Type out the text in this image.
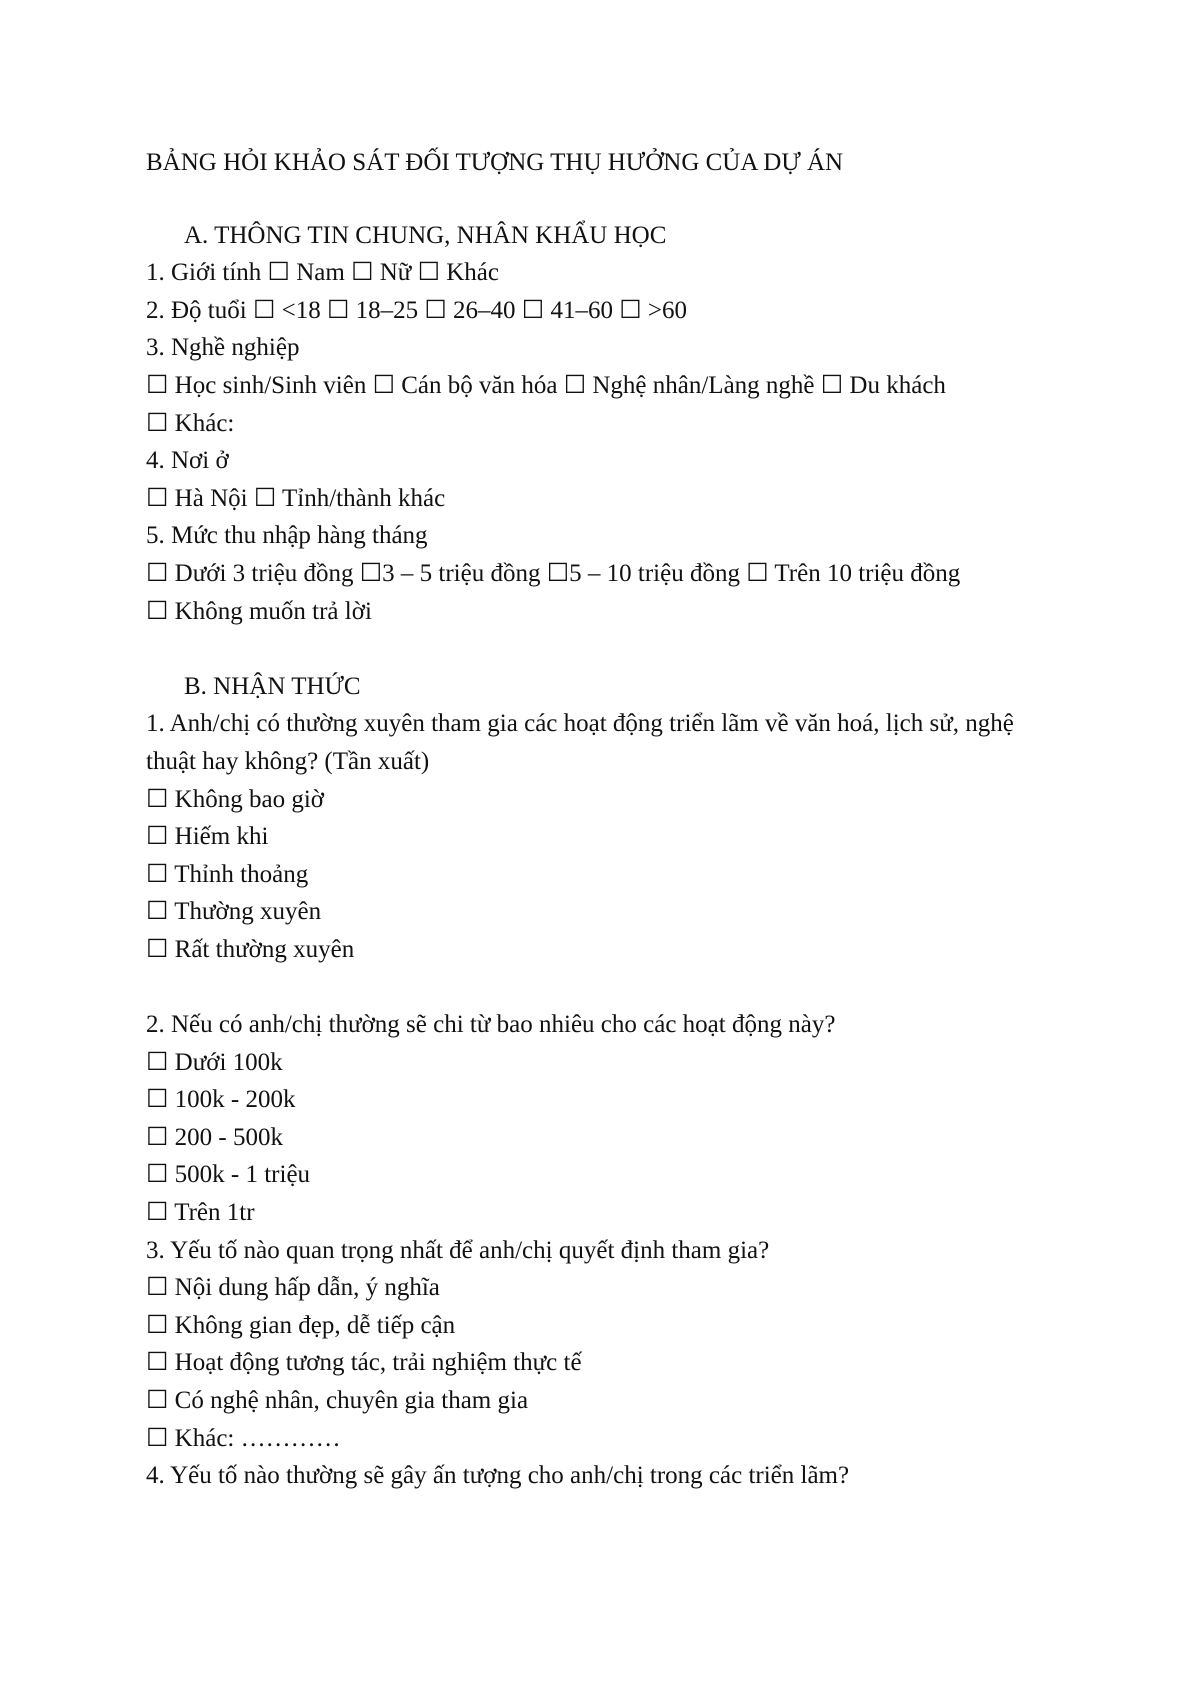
BẢNG HỎI KHẢO SÁT ĐỐI TƯỢNG THỤ HƯỞNG CỦA DỰ ÁN
A. THÔNG TIN CHUNG, NHÂN KHẨU HỌC
1. Giới tính ☐ Nam ☐ Nữ ☐ Khác
2. Độ tuổi ☐ <18 ☐ 18–25 ☐ 26–40 ☐ 41–60 ☐ >60
3. Nghề nghiệp
☐ Học sinh/Sinh viên ☐ Cán bộ văn hóa ☐ Nghệ nhân/Làng nghề ☐ Du khách
☐ Khác:
4. Nơi ở
☐ Hà Nội ☐ Tỉnh/thành khác
5. Mức thu nhập hàng tháng
☐ Dưới 3 triệu đồng ☐3 – 5 triệu đồng ☐5 – 10 triệu đồng ☐ Trên 10 triệu đồng
☐ Không muốn trả lời
B. NHẬN THỨC
1. Anh/chị có thường xuyên tham gia các hoạt động triển lãm về văn hoá, lịch sử, nghệ thuật hay không? (Tần xuất)
☐ Không bao giờ
☐ Hiếm khi
☐ Thỉnh thoảng
☐ Thường xuyên
☐ Rất thường xuyên
2. Nếu có anh/chị thường sẽ chi từ bao nhiêu cho các hoạt động này?
☐ Dưới 100k
☐ 100k - 200k
☐ 200 - 500k
☐ 500k - 1 triệu
☐ Trên 1tr
3. Yếu tố nào quan trọng nhất để anh/chị quyết định tham gia?
☐ Nội dung hấp dẫn, ý nghĩa
☐ Không gian đẹp, dễ tiếp cận
☐ Hoạt động tương tác, trải nghiệm thực tế
☐ Có nghệ nhân, chuyên gia tham gia
☐ Khác: …………
4. Yếu tố nào thường sẽ gây ấn tượng cho anh/chị trong các triển lãm?
